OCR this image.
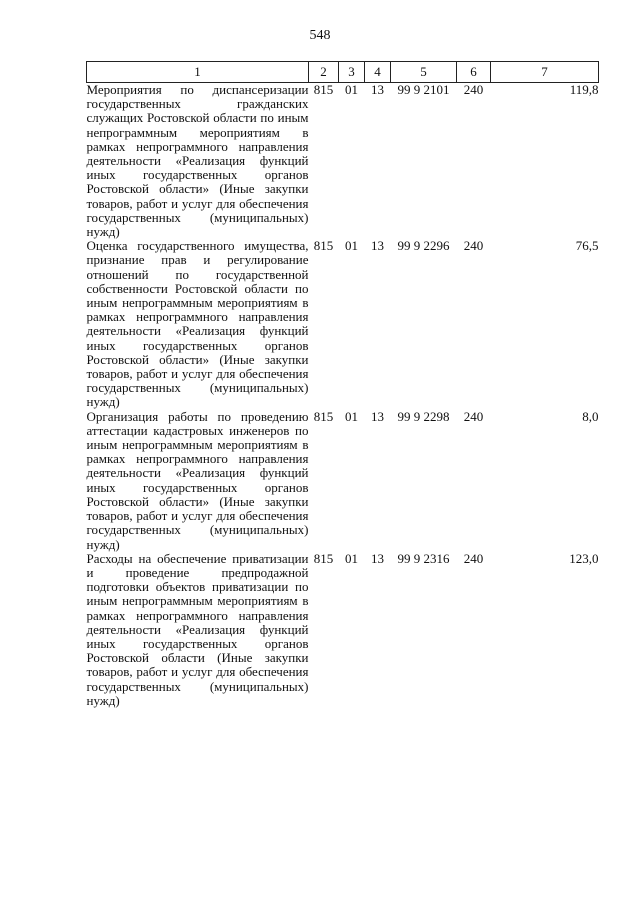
548
1	2	3	4	5	6	7
Мероприятия по диспансеризации государственных гражданских служащих Ростовской области по иным непрограммным мероприятиям в рамках непрограммного направления деятельности «Реализация функций иных государственных органов Ростовской области» (Иные закупки товаров, работ и услуг для обеспечения государственных (муниципальных) нужд)	815	01	13	99 9 2101	240	119,8
Оценка государственного имущества, признание прав и регулирование отношений по государственной собственности Ростовской области по иным непрограммным мероприятиям в рамках непрограммного направления деятельности «Реализация функций иных государственных органов Ростовской области» (Иные закупки товаров, работ и услуг для обеспечения государственных (муниципальных) нужд)	815	01	13	99 9 2296	240	76,5
Организация работы по проведению аттестации кадастровых инженеров по иным непрограммным мероприятиям в рамках непрограммного направления деятельности «Реализация функций иных государственных органов Ростовской области» (Иные закупки товаров, работ и услуг для обеспечения государственных (муниципальных) нужд)	815	01	13	99 9 2298	240	8,0
Расходы на обеспечение приватизации и проведение предпродажной подготовки объектов приватизации по иным непрограммным мероприятиям в рамках непрограммного направления деятельности «Реализация функций иных государственных органов Ростовской области (Иные закупки товаров, работ и услуг для обеспечения государственных (муниципальных) нужд)	815	01	13	99 9 2316	240	123,0
